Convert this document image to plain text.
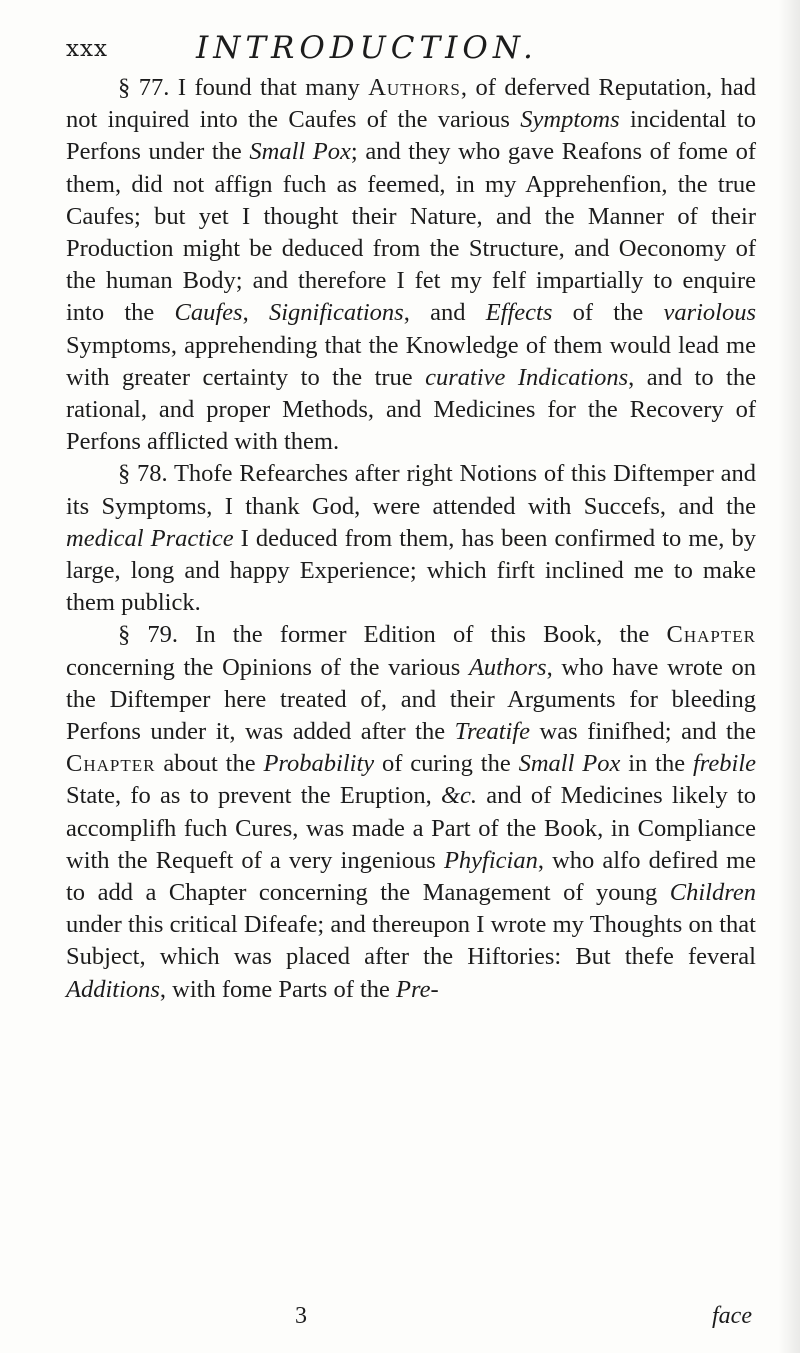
xxx	INTRODUCTION.

§ 77. I found that many Authors, of deferved Reputation, had not inquired into the Caufes of the various Symptoms incidental to Perfons under the Small Pox; and they who gave Reafons of fome of them, did not affign fuch as feemed, in my Apprehenfion, the true Caufes; but yet I thought their Nature, and the Manner of their Production might be deduced from the Structure, and Oeconomy of the human Body; and therefore I fet my felf impartially to enquire into the Caufes, Significations, and Effects of the variolous Symptoms, apprehending that the Knowledge of them would lead me with greater certainty to the true curative Indications, and to the rational, and proper Methods, and Medicines for the Recovery of Perfons afflicted with them.

§ 78. Thofe Refearches after right Notions of this Diftemper and its Symptoms, I thank God, were attended with Succefs, and the medical Practice I deduced from them, has been confirmed to me, by large, long and happy Experience; which firft inclined me to make them publick.

§ 79. In the former Edition of this Book, the Chapter concerning the Opinions of the various Authors, who have wrote on the Diftemper here treated of, and their Arguments for bleeding Perfons under it, was added after the Treatife was finifhed; and the Chapter about the Probability of curing the Small Pox in the frebile State, fo as to prevent the Eruption, &c. and of Medicines likely to accomplifh fuch Cures, was made a Part of the Book, in Compliance with the Requeft of a very ingenious Phyfician, who alfo defired me to add a Chapter concerning the Management of young Children under this critical Difeafe; and thereupon I wrote my Thoughts on that Subject, which was placed after the Hiftories: But thefe feveral Additions, with fome Parts of the Pre-

3	face
